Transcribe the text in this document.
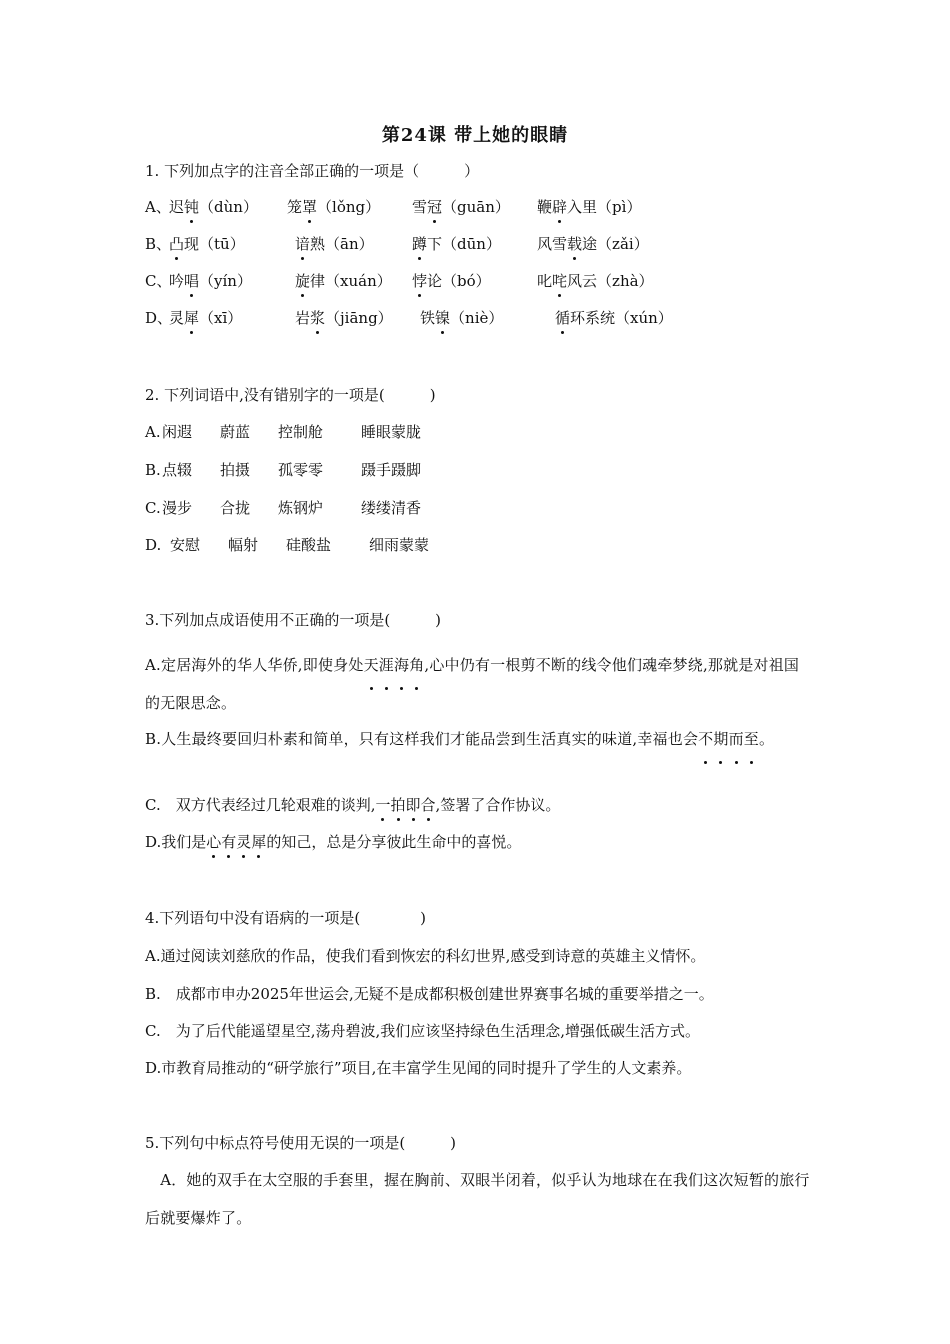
第24课 带上她的眼睛
1. 下列加点字的注音全部正确的一项是（　　　）
A、
迟钝（dùn） 笼罩（lǒng） 雪冠（guān） 鞭辟入里（pì）
B、
凸现（tū）	谙熟（ān）	蹲下（dūn） 风雪载途（zǎi）
C、
吟唱（yín）	旋律（xuán） 悖论（bó）	叱咤风云（zhà）
D、
灵犀（xī）	岩浆（jiāng） 铁镍（niè）	循环系统（xún）
2. 下列词语中,没有错别字的一项是(　　　)
A. 闲遐 蔚蓝 控制舱	睡眼蒙胧
B. 点辍 拍摄 孤零零	蹑手蹑脚
C. 漫步 合拢 炼钢炉	缕缕清香
D. 安慰 幅射 硅酸盐	细雨蒙蒙
3.下列加点成语使用不正确的一项是(　　　)
A.定居海外的华人华侨,即使身处天涯海角,心中仍有一根剪不断的线令他们魂牵梦绕,那就是对祖国的无限思念。
B.人生最终要回归朴素和简单，只有这样我们才能品尝到生活真实的味道,幸福也会不期而至。
C.　双方代表经过几轮艰难的谈判,一拍即合,签署了合作协议。
D.我们是心有灵犀的知己，总是分享彼此生命中的喜悦。
4.下列语句中没有语病的一项是(　　　　)
A.通过阅读刘慈欣的作品，使我们看到恢宏的科幻世界,感受到诗意的英雄主义情怀。
B.　成都市申办2025年世运会,无疑不是成都积极创建世界赛事名城的重要举措之一。
C.　为了后代能遥望星空,荡舟碧波,我们应该坚持绿色生活理念,增强低碳生活方式。
D.市教育局推动的“研学旅行”项目,在丰富学生见闻的同时提升了学生的人文素养。
5.下列句中标点符号使用无误的一项是(　　　)
　A．她的双手在太空服的手套里，握在胸前、双眼半闭着，似乎认为地球在在我们这次短暂的旅行后就要爆炸了。
